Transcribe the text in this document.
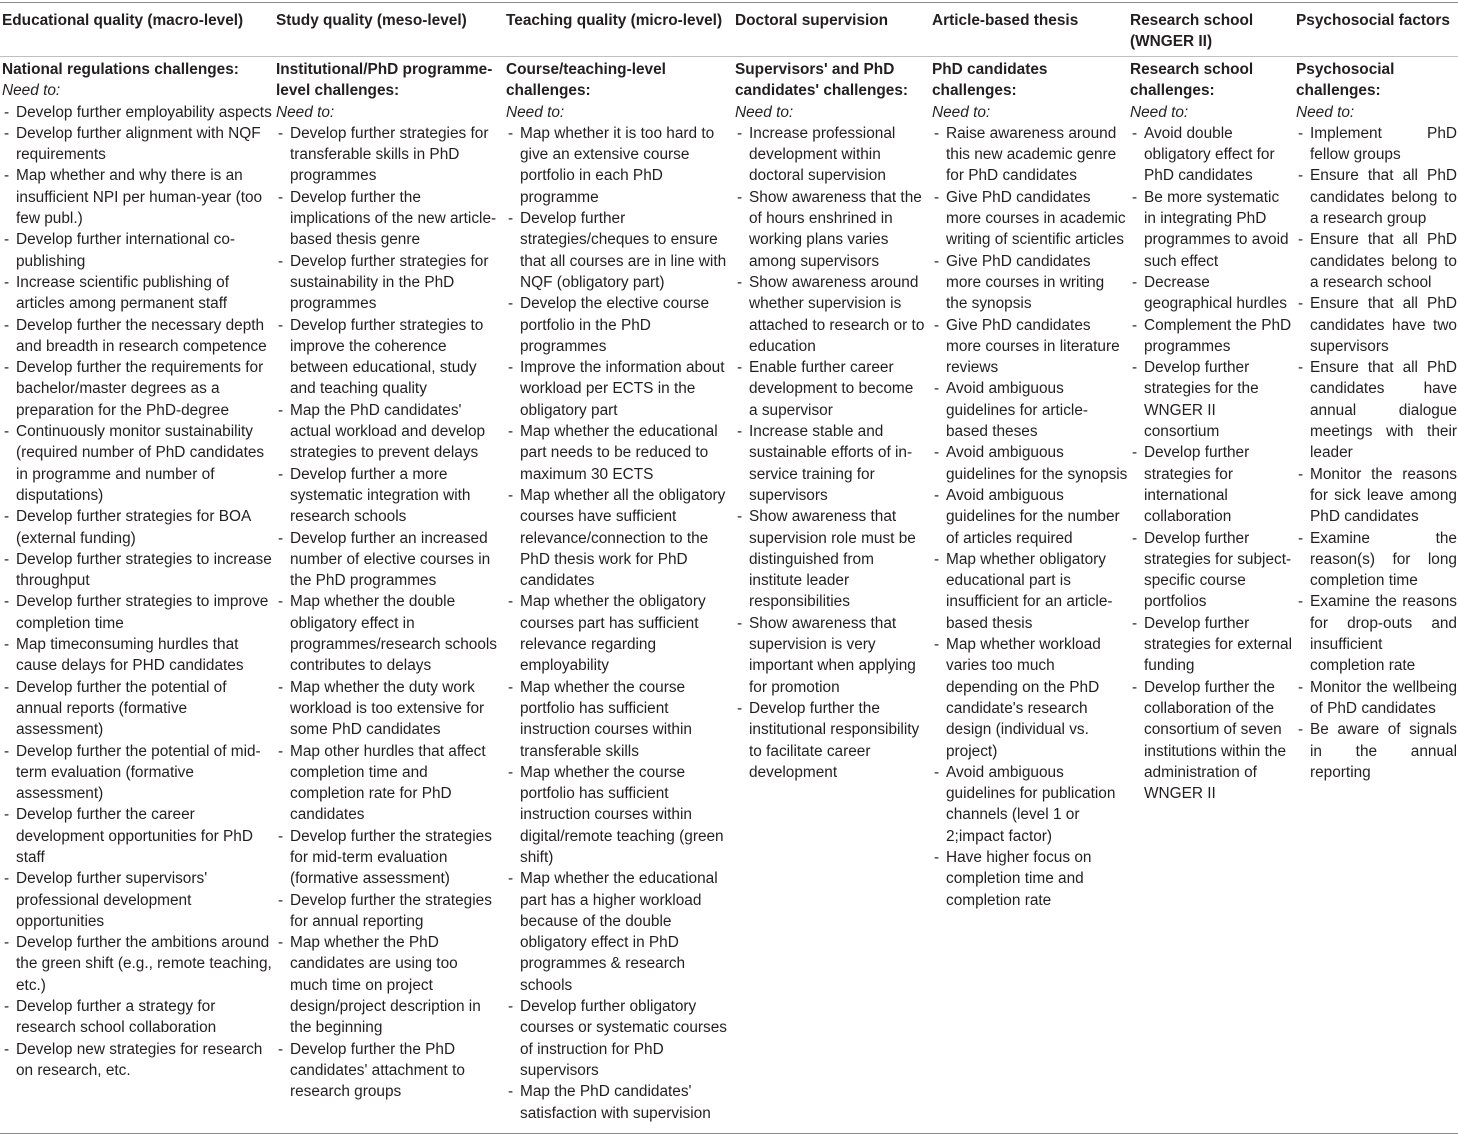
Educational quality (macro-level)
National regulations challenges:
Need to:
- Develop further employability aspects
- Develop further alignment with NQF requirements
- Map whether and why there is an insufficient NPI per human-year (too few publ.)
- Develop further international co-publishing
- Increase scientific publishing of articles among permanent staff
- Develop further the necessary depth and breadth in research competence
- Develop further the requirements for bachelor/master degrees as a preparation for the PhD-degree
- Continuously monitor sustainability (required number of PhD candidates in programme and number of disputations)
- Develop further strategies for BOA (external funding)
- Develop further strategies to increase throughput
- Develop further strategies to improve completion time
- Map timeconsuming hurdles that cause delays for PHD candidates
- Develop further the potential of annual reports (formative assessment)
- Develop further the potential of mid-term evaluation (formative assessment)
- Develop further the career development opportunities for PhD staff
- Develop further supervisors' professional development opportunities
- Develop further the ambitions around the green shift (e.g., remote teaching, etc.)
- Develop further a strategy for research school collaboration
- Develop new strategies for research on research, etc.
Study quality (meso-level)
Institutional/PhD programme-level challenges:
Need to:
- Develop further strategies for transferable skills in PhD programmes
- Develop further the implications of the new article-based thesis genre
- Develop further strategies for sustainability in the PhD programmes
- Develop further strategies to improve the coherence between educational, study and teaching quality
- Map the PhD candidates' actual workload and develop strategies to prevent delays
- Develop further a more systematic integration with research schools
- Develop further an increased number of elective courses in the PhD programmes
- Map whether the double obligatory effect in programmes/research schools contributes to delays
- Map whether the duty work workload is too extensive for some PhD candidates
- Map other hurdles that affect completion time and completion rate for PhD candidates
- Develop further the strategies for mid-term evaluation (formative assessment)
- Develop further the strategies for annual reporting
- Map whether the PhD candidates are using too much time on project design/project description in the beginning
- Develop further the PhD candidates' attachment to research groups
Teaching quality (micro-level)
Course/teaching-level challenges:
Need to:
- Map whether it is too hard to give an extensive course portfolio in each PhD programme
- Develop further strategies/cheques to ensure that all courses are in line with NQF (obligatory part)
- Develop the elective course portfolio in the PhD programmes
- Improve the information about workload per ECTS in the obligatory part
- Map whether the educational part needs to be reduced to maximum 30 ECTS
- Map whether all the obligatory courses have sufficient relevance/connection to the PhD thesis work for PhD candidates
- Map whether the obligatory courses part has sufficient relevance regarding employability
- Map whether the course portfolio has sufficient instruction courses within transferable skills
- Map whether the course portfolio has sufficient instruction courses within digital/remote teaching (green shift)
- Map whether the educational part has a higher workload because of the double obligatory effect in PhD programmes & research schools
- Develop further obligatory courses or systematic courses of instruction for PhD supervisors
- Map the PhD candidates' satisfaction with supervision
Doctoral supervision
Supervisors' and PhD candidates' challenges:
Need to:
- Increase professional development within doctoral supervision
- Show awareness that the of hours enshrined in working plans varies among supervisors
- Show awareness around whether supervision is attached to research or to education
- Enable further career development to become a supervisor
- Increase stable and sustainable efforts of in-service training for supervisors
- Show awareness that supervision role must be distinguished from institute leader responsibilities
- Show awareness that supervision is very important when applying for promotion
- Develop further the institutional responsibility to facilitate career development
Article-based thesis
PhD candidates challenges:
Need to:
- Raise awareness around this new academic genre for PhD candidates
- Give PhD candidates more courses in academic writing of scientific articles
- Give PhD candidates more courses in writing the synopsis
- Give PhD candidates more courses in literature reviews
- Avoid ambiguous guidelines for article-based theses
- Avoid ambiguous guidelines for the synopsis
- Avoid ambiguous guidelines for the number of articles required
- Map whether obligatory educational part is insufficient for an article-based thesis
- Map whether workload varies too much depending on the PhD candidate's research design (individual vs. project)
- Avoid ambiguous guidelines for publication channels (level 1 or 2;impact factor)
- Have higher focus on completion time and completion rate
Research school (WNGER II)
Research school challenges:
Need to:
- Avoid double obligatory effect for PhD candidates
- Be more systematic in integrating PhD programmes to avoid such effect
- Decrease geographical hurdles
- Complement the PhD programmes
- Develop further strategies for the WNGER II consortium
- Develop further strategies for international collaboration
- Develop further strategies for subject-specific course portfolios
- Develop further strategies for external funding
- Develop further the collaboration of the consortium of seven institutions within the administration of WNGER II
Psychosocial factors
Psychosocial challenges:
Need to:
- Implement PhD fellow groups
- Ensure that all PhD candidates belong to a research group
- Ensure that all PhD candidates belong to a research school
- Ensure that all PhD candidates have two supervisors
- Ensure that all PhD candidates have annual dialogue meetings with their leader
- Monitor the reasons for sick leave among PhD candidates
- Examine the reason(s) for long completion time
- Examine the reasons for drop-outs and insufficient completion rate
- Monitor the wellbeing of PhD candidates
- Be aware of signals in the annual reporting
